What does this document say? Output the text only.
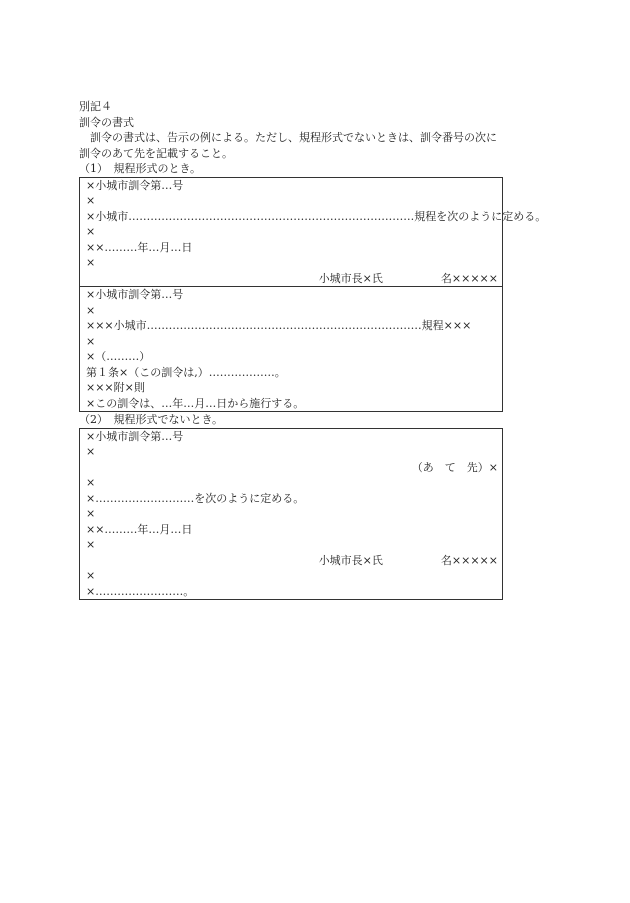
別記４
訓令の書式
訓令の書式は、告示の例による。ただし、規程形式でないときは、訓令番号の次に訓令のあて先を記載すること。
（1）　規程形式のとき。
×小城市訓令第…号
×
×小城市……………………………………………………………………規程を次のように定める。
×
××………年…月…日
×
小城市長×氏	名×××××
×小城市訓令第…号
×
×××小城市…………………………………………………………………規程×××
×
×（………）
第１条×（この訓令は,）………………。
×××附×則
×この訓令は、…年…月…日から施行する。
（2）　規程形式でないとき。
×小城市訓令第…号
×
（あ　て　先）×
×
×………………………を次のように定める。
×
××………年…月…日
×
小城市長×氏	名×××××
×
×……………………。
